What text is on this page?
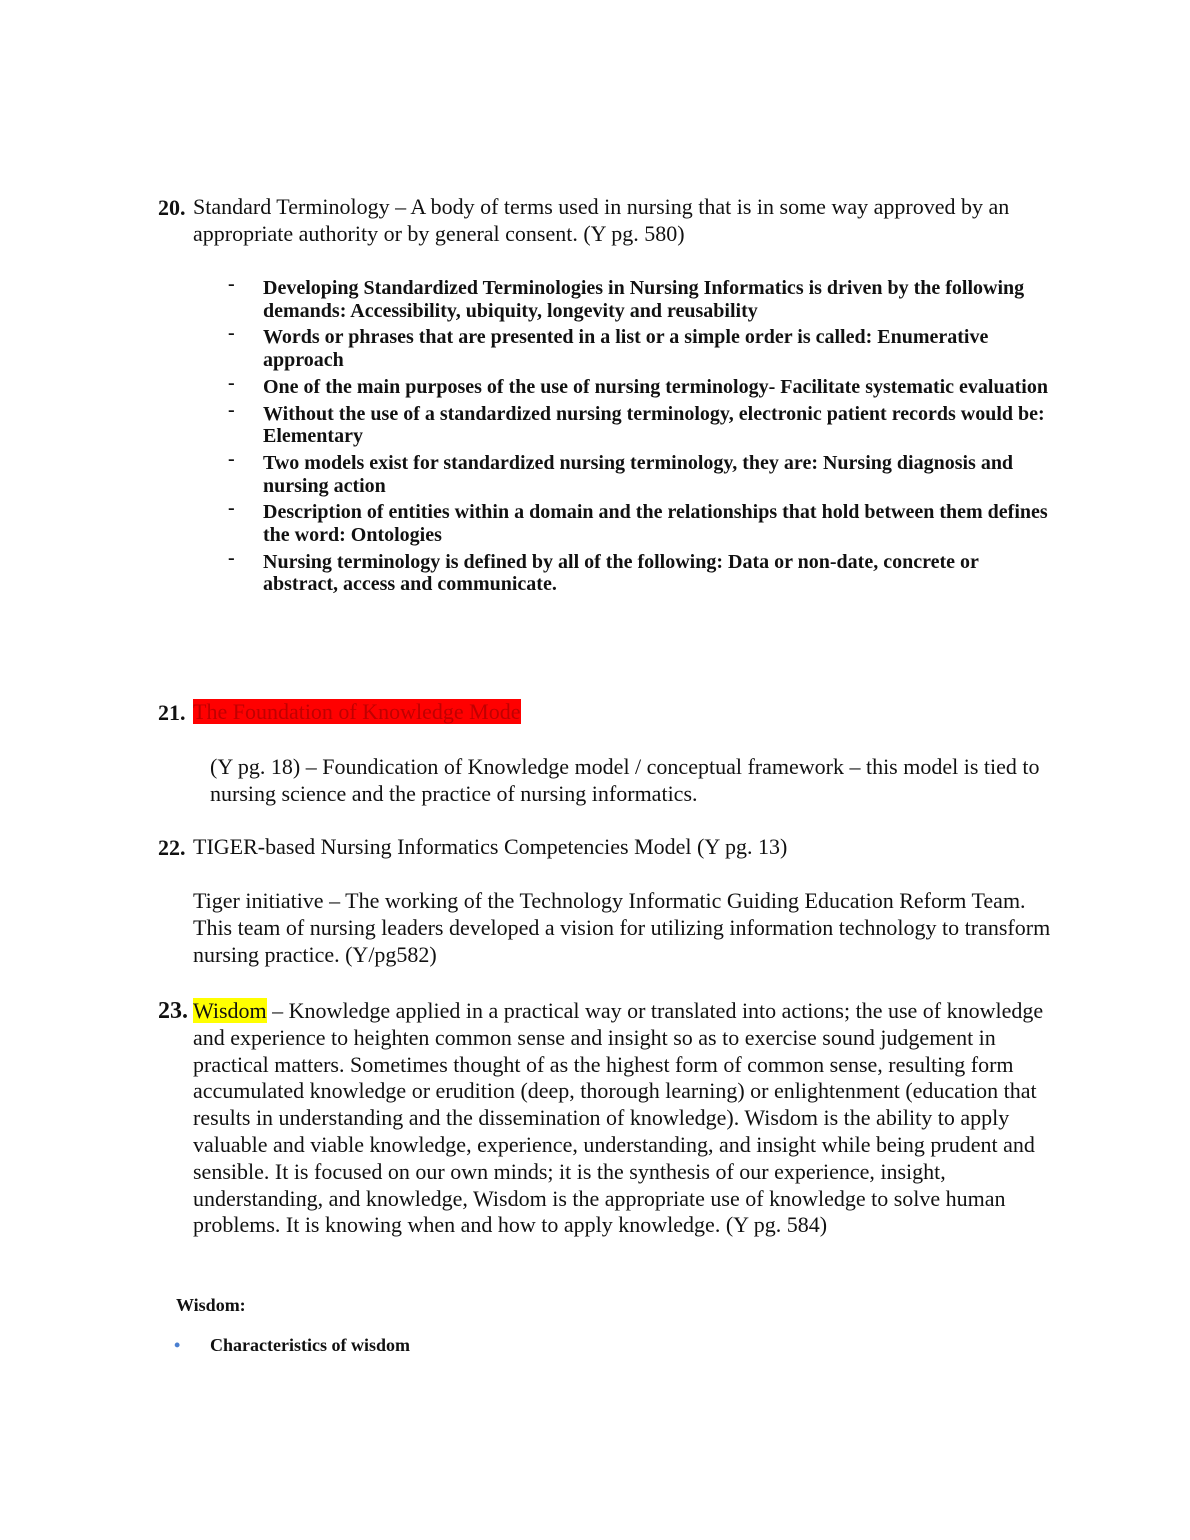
20. Standard Terminology – A body of terms used in nursing that is in some way approved by an appropriate authority or by general consent. (Y pg. 580)
- Developing Standardized Terminologies in Nursing Informatics is driven by the following demands: Accessibility, ubiquity, longevity and reusability
- Words or phrases that are presented in a list or a simple order is called: Enumerative approach
- One of the main purposes of the use of nursing terminology- Facilitate systematic evaluation
- Without the use of a standardized nursing terminology, electronic patient records would be: Elementary
- Two models exist for standardized nursing terminology, they are: Nursing diagnosis and nursing action
- Description of entities within a domain and the relationships that hold between them defines the word: Ontologies
- Nursing terminology is defined by all of the following: Data or non-date, concrete or abstract, access and communicate.
21. The Foundation of Knowledge Mode
(Y pg. 18) – Foundication of Knowledge model / conceptual framework – this model is tied to nursing science and the practice of nursing informatics.
22. TIGER-based Nursing Informatics Competencies Model (Y pg. 13)
Tiger initiative – The working of the Technology Informatic Guiding Education Reform Team. This team of nursing leaders developed a vision for utilizing information technology to transform nursing practice. (Y/pg582)
23. Wisdom – Knowledge applied in a practical way or translated into actions; the use of knowledge and experience to heighten common sense and insight so as to exercise sound judgement in practical matters. Sometimes thought of as the highest form of common sense, resulting form accumulated knowledge or erudition (deep, thorough learning) or enlightenment (education that results in understanding and the dissemination of knowledge). Wisdom is the ability to apply valuable and viable knowledge, experience, understanding, and insight while being prudent and sensible. It is focused on our own minds; it is the synthesis of our experience, insight, understanding, and knowledge, Wisdom is the appropriate use of knowledge to solve human problems. It is knowing when and how to apply knowledge. (Y pg. 584)
Wisdom:
• Characteristics of wisdom
